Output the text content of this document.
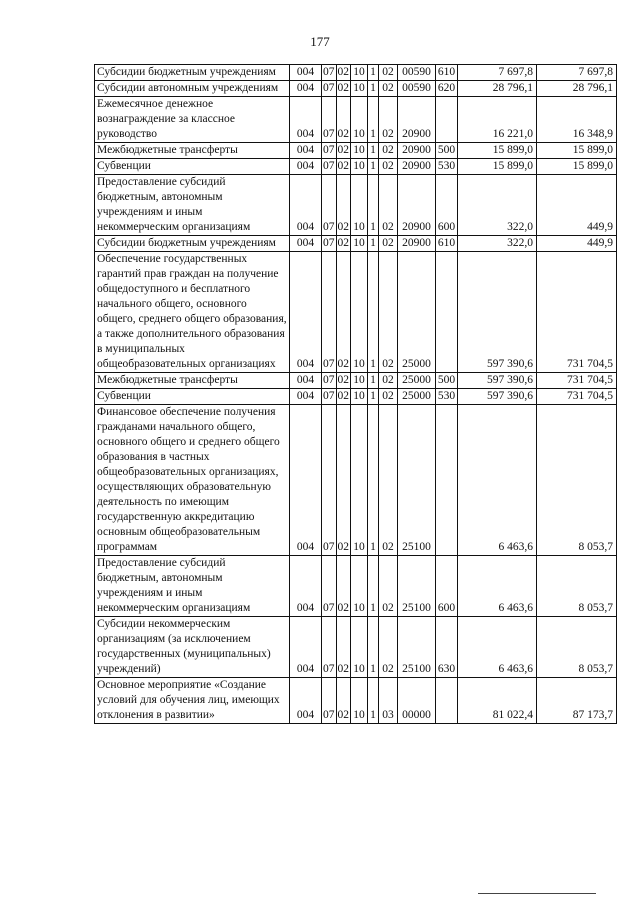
177
Субсидии бюджетным учреждениям	004	07	02	10	1	02	00590	610	7 697,8	7 697,8
Субсидии автономным учреждениям	004	07	02	10	1	02	00590	620	28 796,1	28 796,1
Ежемесячное денежное вознаграждение за классное руководство	004	07	02	10	1	02	20900		16 221,0	16 348,9
Межбюджетные трансферты	004	07	02	10	1	02	20900	500	15 899,0	15 899,0
Субвенции	004	07	02	10	1	02	20900	530	15 899,0	15 899,0
Предоставление субсидий бюджетным, автономным учреждениям и иным некоммерческим организациям	004	07	02	10	1	02	20900	600	322,0	449,9
Субсидии бюджетным учреждениям	004	07	02	10	1	02	20900	610	322,0	449,9
Обеспечение государственных гарантий прав граждан на получение общедоступного и бесплатного начального общего, основного общего, среднего общего образования, а также дополнительного образования в муниципальных общеобразовательных организациях	004	07	02	10	1	02	25000		597 390,6	731 704,5
Межбюджетные трансферты	004	07	02	10	1	02	25000	500	597 390,6	731 704,5
Субвенции	004	07	02	10	1	02	25000	530	597 390,6	731 704,5
Финансовое обеспечение получения гражданами начального общего, основного общего и среднего общего образования в частных общеобразовательных организациях, осуществляющих образовательную деятельность по имеющим государственную аккредитацию основным общеобразовательным программам	004	07	02	10	1	02	25100		6 463,6	8 053,7
Предоставление субсидий бюджетным, автономным учреждениям и иным некоммерческим организациям	004	07	02	10	1	02	25100	600	6 463,6	8 053,7
Субсидии некоммерческим организациям (за исключением государственных (муниципальных) учреждений)	004	07	02	10	1	02	25100	630	6 463,6	8 053,7
Основное мероприятие «Создание условий для обучения лиц, имеющих отклонения в развитии»	004	07	02	10	1	03	00000		81 022,4	87 173,7
